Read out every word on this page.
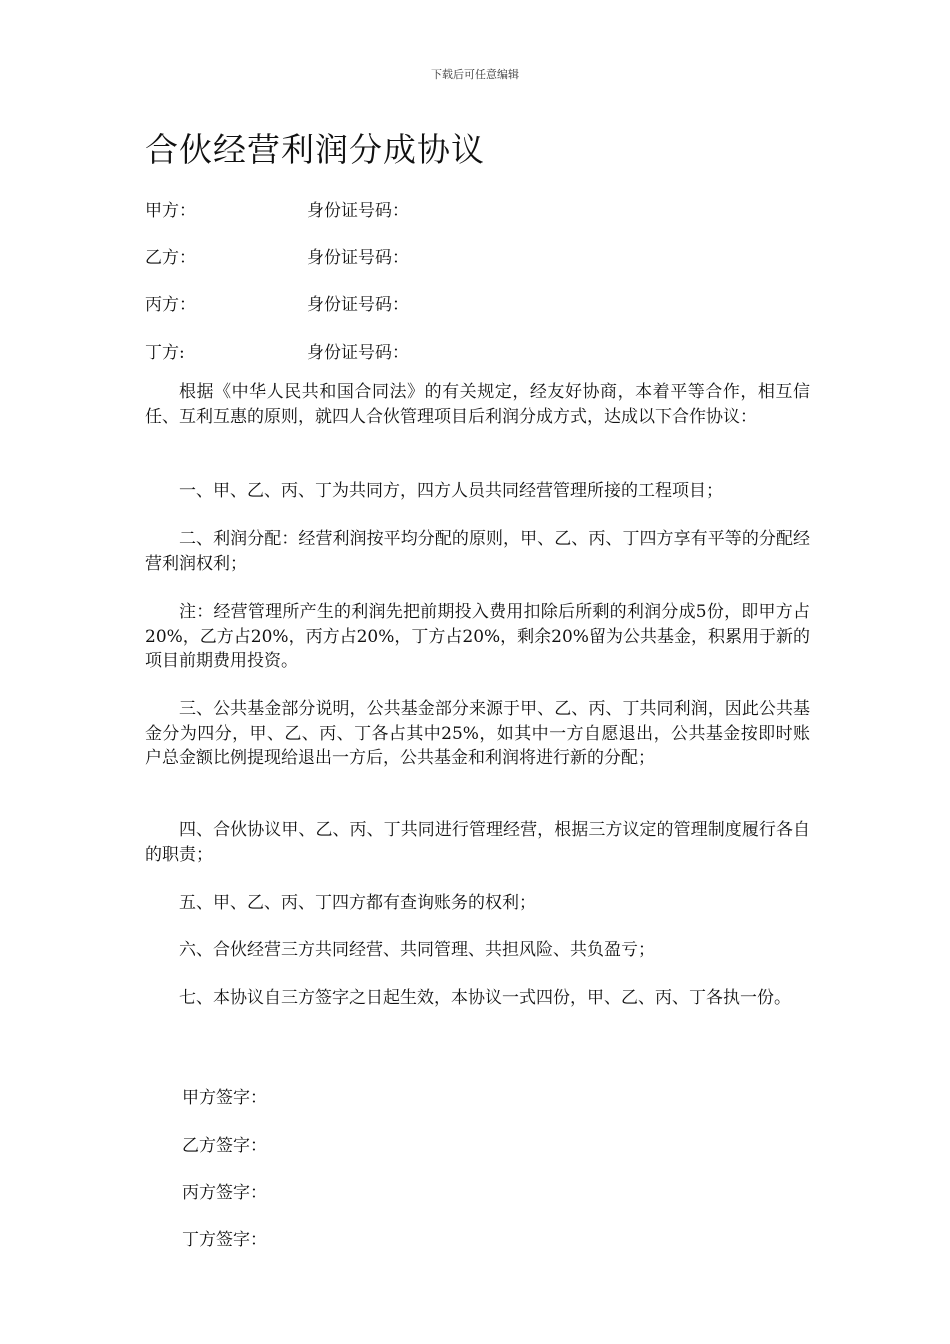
下载后可任意编辑
合伙经营利润分成协议
甲方：	身份证号码：
乙方：	身份证号码：
丙方：	身份证号码：
丁方:	身份证号码：

根据《中华人民共和国合同法》的有关规定，经友好协商，本着平等合作，相互信任、互利互惠的原则，就四人合伙管理项目后利润分成方式，达成以下合作协议：

一、甲、乙、丙、丁为共同方，四方人员共同经营管理所接的工程项目；

二、利润分配：经营利润按平均分配的原则，甲、乙、丙、丁四方享有平等的分配经营利润权利；

注：经营管理所产生的利润先把前期投入费用扣除后所剩的利润分成5份，即甲方占20%，乙方占20%，丙方占20%，丁方占20%，剩余20%留为公共基金，积累用于新的项目前期费用投资。

三、公共基金部分说明，公共基金部分来源于甲、乙、丙、丁共同利润，因此公共基金分为四分，甲、乙、丙、丁各占其中25%，如其中一方自愿退出，公共基金按即时账户总金额比例提现给退出一方后，公共基金和利润将进行新的分配；

四、合伙协议甲、乙、丙、丁共同进行管理经营，根据三方议定的管理制度履行各自的职责；

五、甲、乙、丙、丁四方都有查询账务的权利；

六、合伙经营三方共同经营、共同管理、共担风险、共负盈亏；

七、本协议自三方签字之日起生效，本协议一式四份，甲、乙、丙、丁各执一份。

甲方签字：
乙方签字：
丙方签字：
丁方签字：
